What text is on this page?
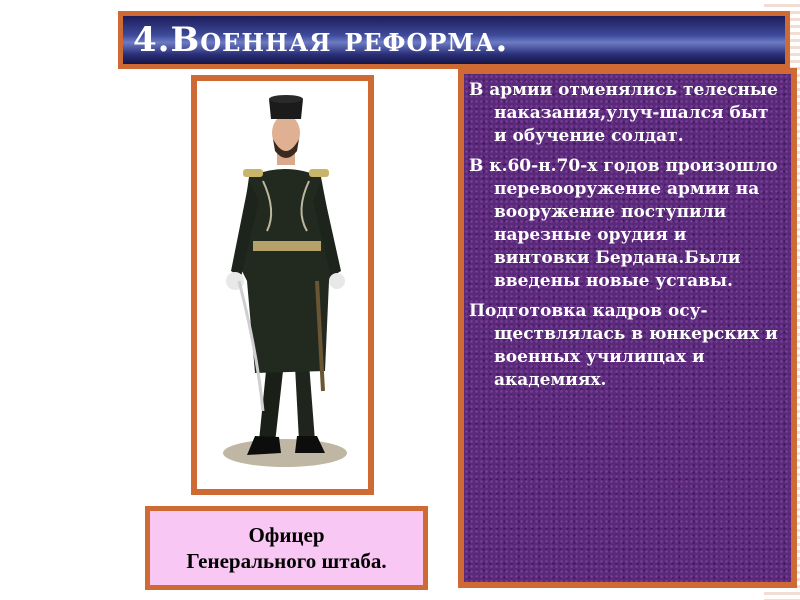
4.Военная реформа.
Офицер
Генерального штаба.

В армии отменялись телесные наказания,улуч-шался быт и обучение солдат.

В к.60-н.70-х годов произошло перевооружение армии на вооружение поступили нарезные орудия и винтовки Бердана.Были введены новые уставы.

Подготовка кадров осу-ществлялась в юнкерских и военных училищах и академиях.
